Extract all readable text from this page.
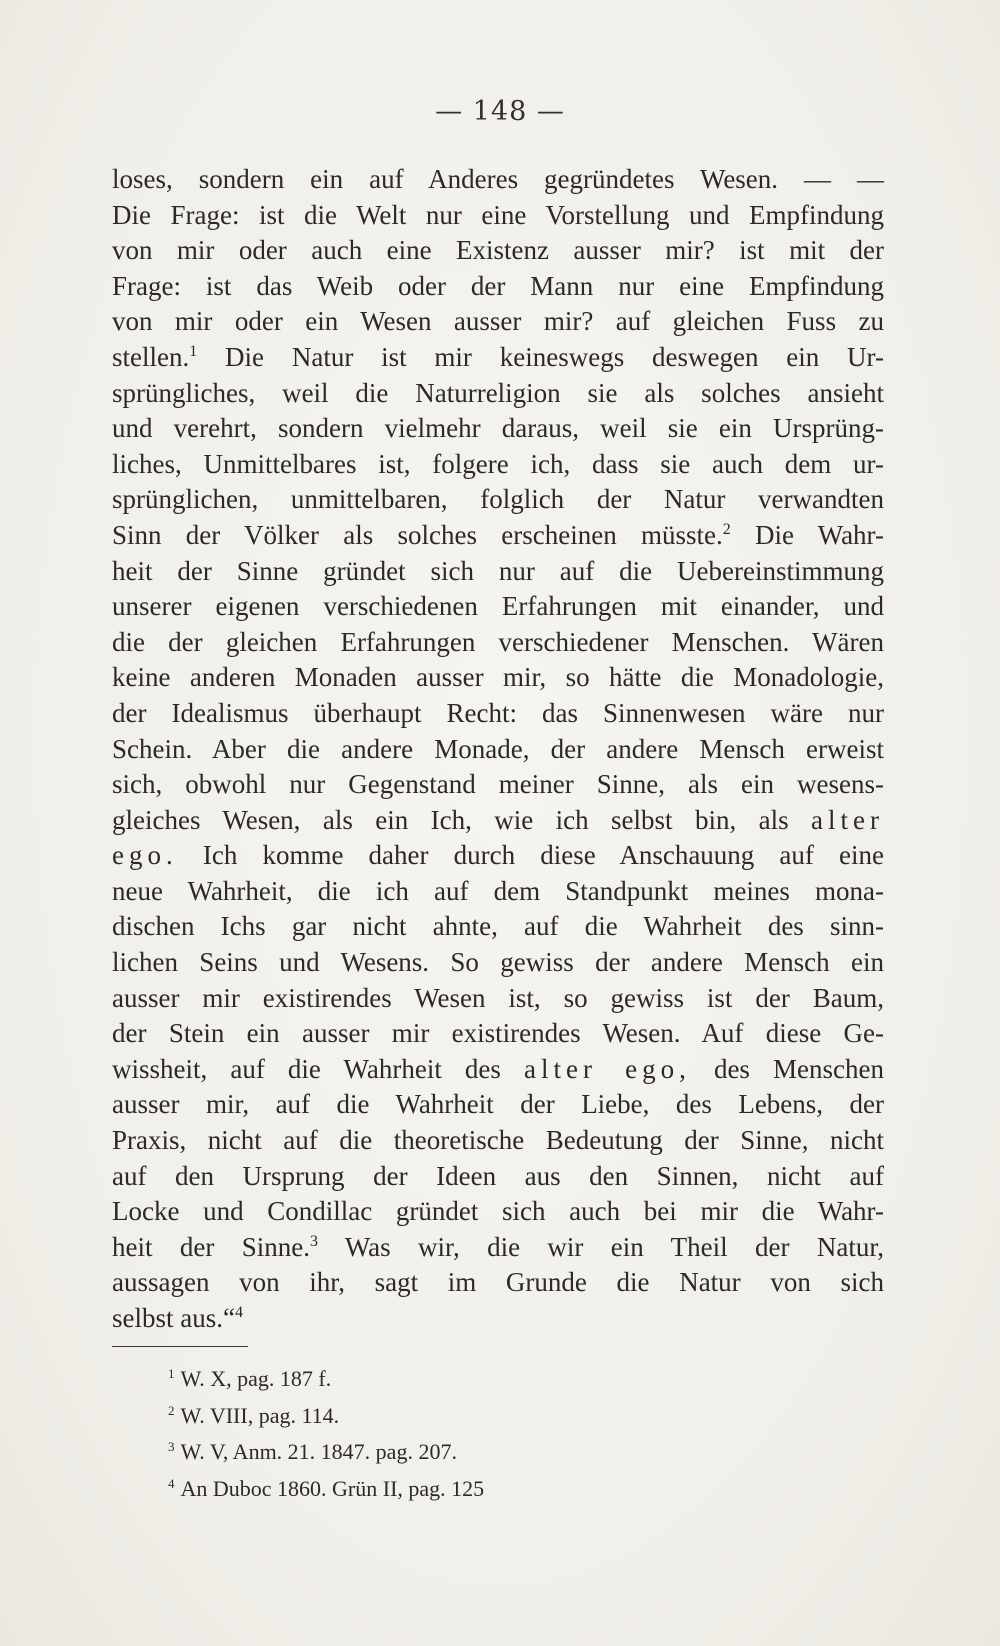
— 148 —
loses, sondern ein auf Anderes gegründetes Wesen. — —
Die Frage: ist die Welt nur eine Vorstellung und Empfindung
von mir oder auch eine Existenz ausser mir? ist mit der
Frage: ist das Weib oder der Mann nur eine Empfindung
von mir oder ein Wesen ausser mir? auf gleichen Fuss zu
stellen.$^1$ Die Natur ist mir keineswegs deswegen ein Ur-
sprüngliches, weil die Naturreligion sie als solches ansieht
und verehrt, sondern vielmehr daraus, weil sie ein Ursprüng-
liches, Unmittelbares ist, folgere ich, dass sie auch dem ur-
sprünglichen, unmittelbaren, folglich der Natur verwandten
Sinn der Völker als solches erscheinen müsste.$^2$ Die Wahr-
heit der Sinne gründet sich nur auf die Uebereinstimmung
unserer eigenen verschiedenen Erfahrungen mit einander, und
die der gleichen Erfahrungen verschiedener Menschen. Wären
keine anderen Monaden ausser mir, so hätte die Monadologie,
der Idealismus überhaupt Recht: das Sinnenwesen wäre nur
Schein. Aber die andere Monade, der andere Mensch erweist
sich, obwohl nur Gegenstand meiner Sinne, als ein wesens-
gleiches Wesen, als ein Ich, wie ich selbst bin, als alter
ego. Ich komme daher durch diese Anschauung auf eine
neue Wahrheit, die ich auf dem Standpunkt meines mona-
dischen Ichs gar nicht ahnte, auf die Wahrheit des sinn-
lichen Seins und Wesens. So gewiss der andere Mensch ein
ausser mir existirendes Wesen ist, so gewiss ist der Baum,
der Stein ein ausser mir existirendes Wesen. Auf diese Ge-
wissheit, auf die Wahrheit des alter ego, des Menschen
ausser mir, auf die Wahrheit der Liebe, des Lebens, der
Praxis, nicht auf die theoretische Bedeutung der Sinne, nicht
auf den Ursprung der Ideen aus den Sinnen, nicht auf
Locke und Condillac gründet sich auch bei mir die Wahr-
heit der Sinne.$^3$ Was wir, die wir ein Theil der Natur,
aussagen von ihr, sagt im Grunde die Natur von sich
selbst aus.“$^4$
$^1$ W. X, pag. 187 f.
$^2$ W. VIII, pag. 114.
$^3$ W. V, Anm. 21. 1847. pag. 207.
$^4$ An Duboc 1860. Grün II, pag. 125
